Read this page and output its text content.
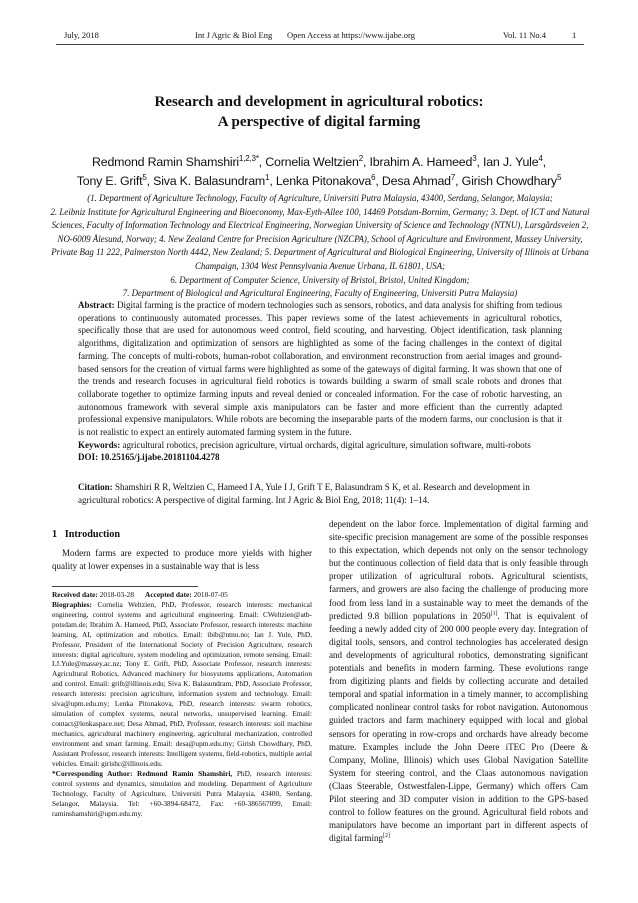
July, 2018	Int J Agric & Biol Eng Open Access at https://www.ijabe.org	Vol. 11 No.4	1
Research and development in agricultural robotics:
A perspective of digital farming
Redmond Ramin Shamshiri$^{1,2,3*}$, Cornelia Weltzien$^2$, Ibrahim A. Hameed$^3$, Ian J. Yule$^4$,
Tony E. Grift$^5$, Siva K. Balasundram$^1$, Lenka Pitonakova$^6$, Desa Ahmad$^7$, Girish Chowdhary$^5$
(1. Department of Agriculture Technology, Faculty of Agriculture, Universiti Putra Malaysia, 43400, Serdang, Selangor, Malaysia;
2. Leibniz Institute for Agricultural Engineering and Bioeconomy, Max-Eyth-Allee 100, 14469 Potsdam-Bornim, Germany; 3. Dept. of ICT and Natural Sciences, Faculty of Information Technology and Electrical Engineering, Norwegian University of Science and Technology (NTNU), Larsgårdsveien 2, NO-6009 Ålesund, Norway; 4. New Zealand Centre for Precision Agriculture (NZCPA), School of Agriculture and Environment, Massey University, Private Bag 11 222, Palmerston North 4442, New Zealand; 5. Department of Agricultural and Biological Engineering, University of Illinois at Urbana Champaign, 1304 West Pennsylvania Avenue Urbana, IL 61801, USA;
6. Department of Computer Science, University of Bristol, Bristol, United Kingdom;
7. Department of Biological and Agricultural Engineering, Faculty of Engineering, Universiti Putra Malaysia)

Abstract: Digital farming is the practice of modern technologies such as sensors, robotics, and data analysis for shifting from tedious operations to continuously automated processes. This paper reviews some of the latest achievements in agricultural robotics, specifically those that are used for autonomous weed control, field scouting, and harvesting. Object identification, task planning algorithms, digitalization and optimization of sensors are highlighted as some of the facing challenges in the context of digital farming. The concepts of multi-robots, human-robot collaboration, and environment reconstruction from aerial images and ground-based sensors for the creation of virtual farms were highlighted as some of the gateways of digital farming. It was shown that one of the trends and research focuses in agricultural field robotics is towards building a swarm of small scale robots and drones that collaborate together to optimize farming inputs and reveal denied or concealed information. For the case of robotic harvesting, an autonomous framework with several simple axis manipulators can be faster and more efficient than the currently adapted professional expensive manipulators. While robots are becoming the inseparable parts of the modern farms, our conclusion is that it is not realistic to expect an entirely automated farming system in the future.

Keywords: agricultural robotics, precision agriculture, virtual orchards, digital agriculture, simulation software, multi-robots

DOI: 10.25165/j.ijabe.20181104.4278

Citation: Shamshiri R R, Weltzien C, Hameed I A, Yule I J, Grift T E, Balasundram S K, et al. Research and development in agricultural robotics: A perspective of digital farming. Int J Agric & Biol Eng, 2018; 11(4): 1–14.

1 Introduction

Modern farms are expected to produce more yields with higher quality at lower expenses in a sustainable way that is less

Received date: 2018-03-28 Accepted date: 2018-07-05

Biographies: Cornelia Weltzien, PhD, Professor, research interests: mechanical engineering, control systems and agricultural engineering. Email: CWeltzien@atb-potsdam.de; Ibrahim A. Hameed, PhD, Associate Professor, research interests: machine learning, AI, optimization and robotics. Email: ibib@ntnu.no; Ian J. Yule, PhD, Professor, President of the International Society of Precision Agriculture, research interests: digital agriculture, system modeling and optimization, remote sensing. Email: I.J.Yule@massey.ac.nz; Tony E. Grift, PhD, Associate Professor, research interests: Agricultural Robotics, Advanced machinery for biosystems applications, Automation and control. Email: grift@illinois.edu; Siva K. Balasundram, PhD, Associate Professor, research interests: precision agriculture, information system and technology. Email: siva@upm.edu.my; Lenka Pitonakova, PhD, research interests: swarm robotics, simulation of complex systems, neural networks, unsupervised learning. Email: contact@lenkaspace.net; Desa Ahmad, PhD, Professor, research interests: soil machine mechanics, agricultural machinery engineering, agricultural mechanization, controlled environment and smart farming. Email: desa@upm.edu.my; Girish Chowdhary, PhD, Assistant Professor, research interests: Intelligent systems, field-robotics, multiple aerial vehicles. Email: girishc@illinois.edu.

*Corresponding Author: Redmond Ramin Shamshiri, PhD, research interests: control systems and dynamics, simulation and modeling. Department of Agriculture Technology, Faculty of Agriculture, Universiti Putra Malaysia, 43400, Serdang, Selangor, Malaysia. Tel: +60-3894-68472, Fax: +60-386567099, Email: raminshamshiri@upm.edu.my.

dependent on the labor force. Implementation of digital farming and site-specific precision management are some of the possible responses to this expectation, which depends not only on the sensor technology but the continuous collection of field data that is only feasible through proper utilization of agricultural robots. Agricultural scientists, farmers, and growers are also facing the challenge of producing more food from less land in a sustainable way to meet the demands of the predicted 9.8 billion populations in 2050[1]. That is equivalent of feeding a newly added city of 200 000 people every day. Integration of digital tools, sensors, and control technologies has accelerated design and developments of agricultural robotics, demonstrating significant potentials and benefits in modern farming. These evolutions range from digitizing plants and fields by collecting accurate and detailed temporal and spatial information in a timely manner, to accomplishing complicated nonlinear control tasks for robot navigation. Autonomous guided tractors and farm machinery equipped with local and global sensors for operating in row-crops and orchards have already become mature. Examples include the John Deere iTEC Pro (Deere & Company, Moline, Illinois) which uses Global Navigation Satellite System for steering control, and the Claas autonomous navigation (Claas Steerable, Ostwestfalen-Lippe, Germany) which offers Cam Pilot steering and 3D computer vision in addition to the GPS-based control to follow features on the ground. Agricultural field robots and manipulators have become an important part in different aspects of digital farming[2]
